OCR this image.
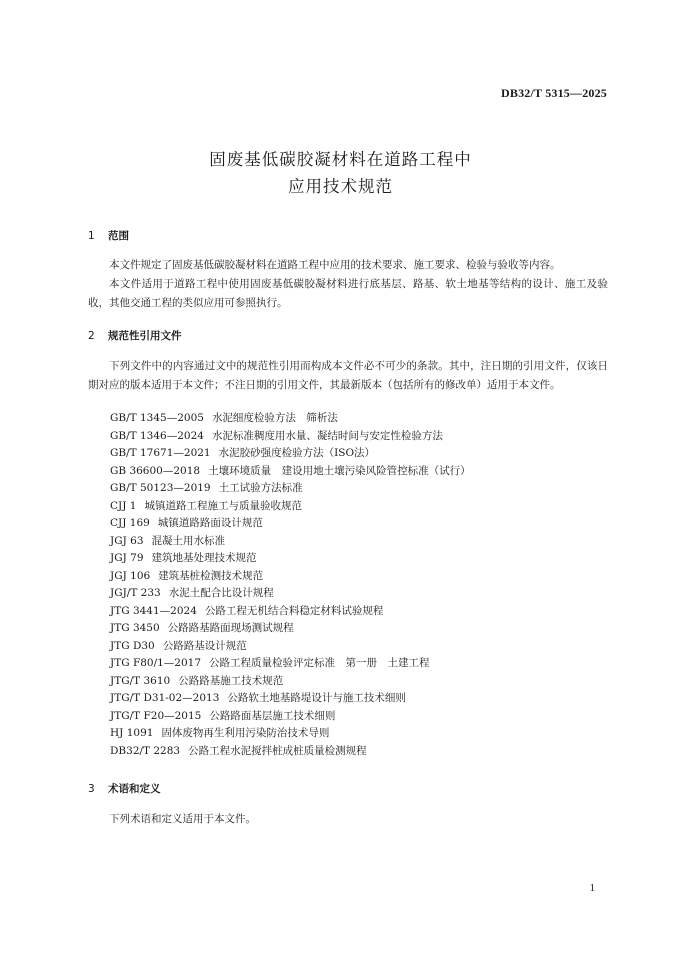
DB32/T 5315—2025
固废基低碳胶凝材料在道路工程中
应用技术规范
1 范围

本文件规定了固废基低碳胶凝材料在道路工程中应用的技术要求、施工要求、检验与验收等内容。

本文件适用于道路工程中使用固废基低碳胶凝材料进行底基层、路基、软土地基等结构的设计、施工及验收，其他交通工程的类似应用可参照执行。

2 规范性引用文件

下列文件中的内容通过文中的规范性引用而构成本文件必不可少的条款。其中，注日期的引用文件，仅该日期对应的版本适用于本文件；不注日期的引用文件，其最新版本（包括所有的修改单）适用于本文件。

GB/T 1345—2005 水泥细度检验方法　筛析法
GB/T 1346—2024 水泥标准稠度用水量、凝结时间与安定性检验方法
GB/T 17671—2021 水泥胶砂强度检验方法（ISO法）
GB 36600—2018 土壤环境质量　建设用地土壤污染风险管控标准（试行）
GB/T 50123—2019 土工试验方法标准
CJJ 1 城镇道路工程施工与质量验收规范
CJJ 169 城镇道路路面设计规范
JGJ 63 混凝土用水标准
JGJ 79 建筑地基处理技术规范
JGJ 106 建筑基桩检测技术规范
JGJ/T 233 水泥土配合比设计规程
JTG 3441—2024 公路工程无机结合料稳定材料试验规程
JTG 3450 公路路基路面现场测试规程
JTG D30 公路路基设计规范
JTG F80/1—2017 公路工程质量检验评定标准　第一册　土建工程
JTG/T 3610 公路路基施工技术规范
JTG/T D31-02—2013 公路软土地基路堤设计与施工技术细则
JTG/T F20—2015 公路路面基层施工技术细则
HJ 1091 固体废物再生利用污染防治技术导则
DB32/T 2283 公路工程水泥搅拌桩成桩质量检测规程
3 术语和定义

下列术语和定义适用于本文件。

1
